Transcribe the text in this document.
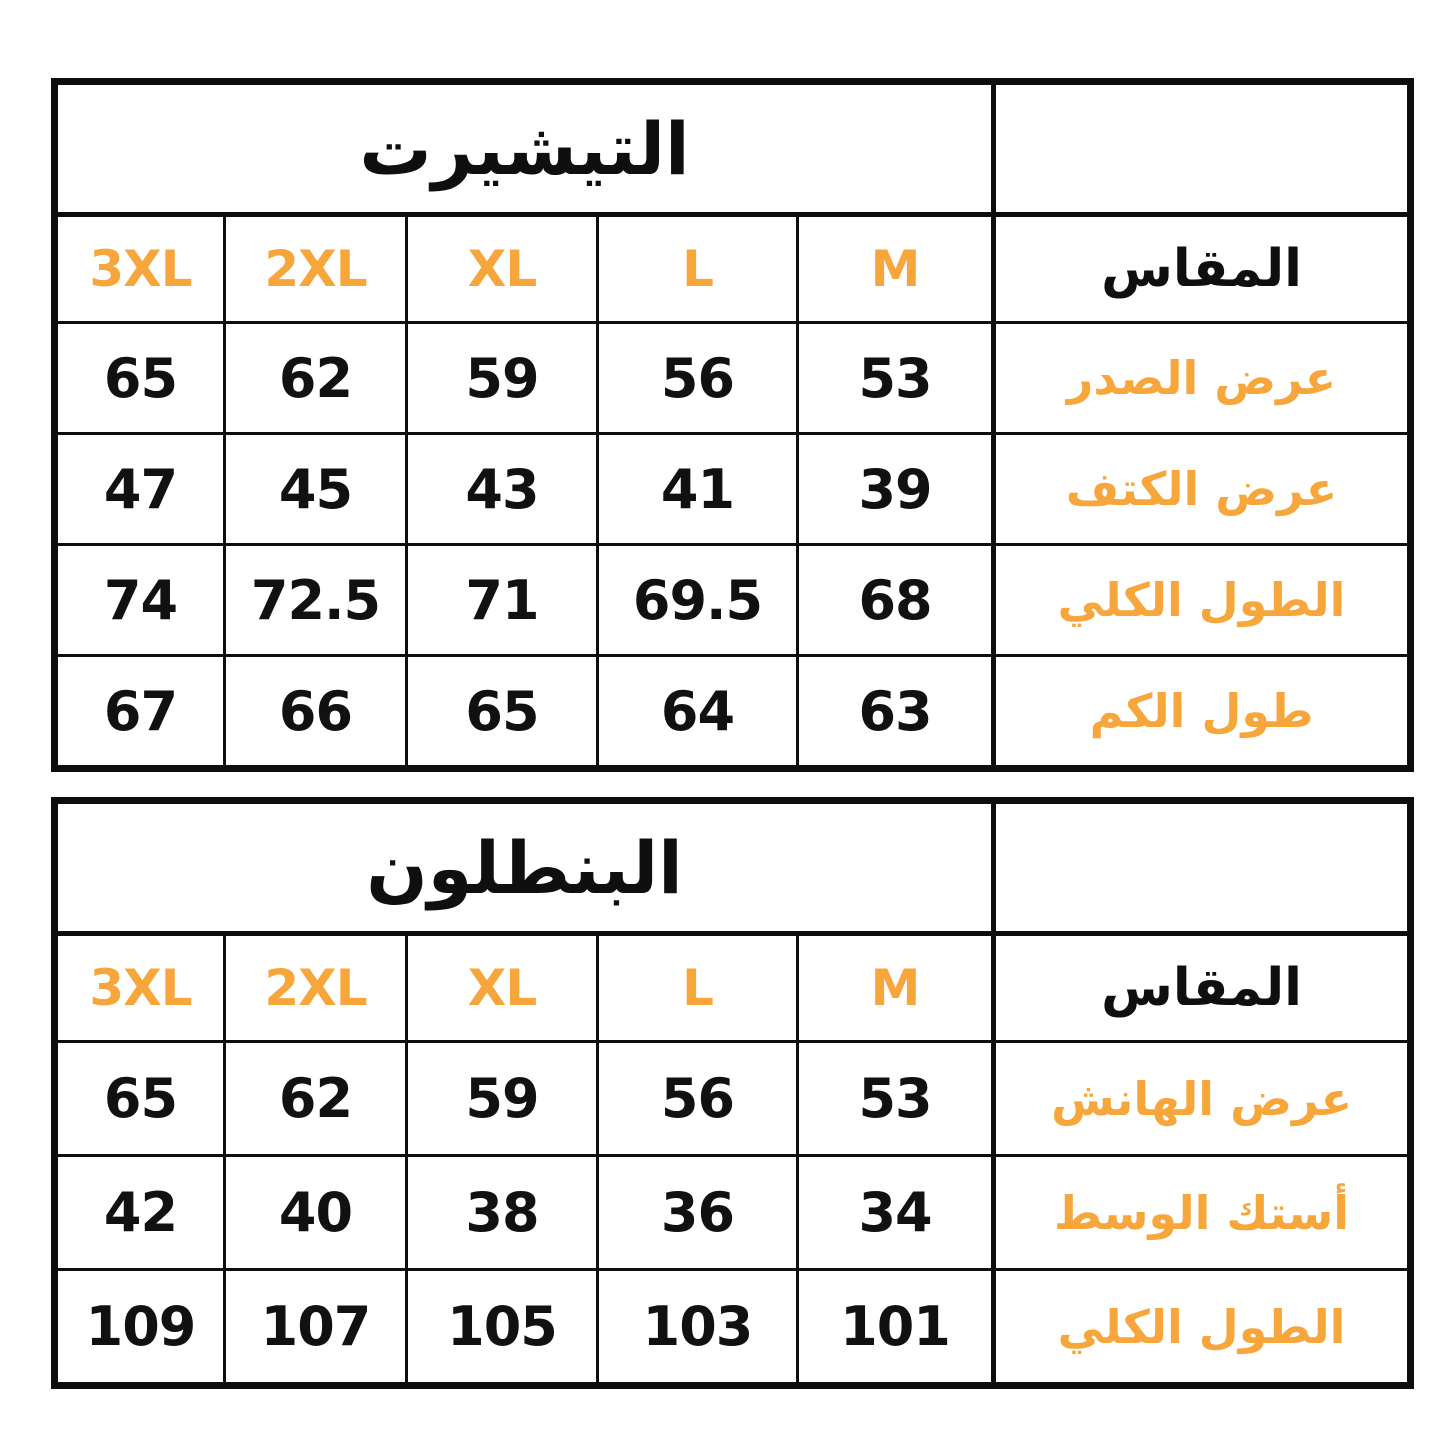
التيشيرت					
3XL	2XL	XL	L	M	المقاس
65	62	59	56	53	عرض الصدر
47	45	43	41	39	عرض الكتف
74	72.5	71	69.5	68	الطول الكلي
67	66	65	64	63	طول الكم
البنطلون					
3XL	2XL	XL	L	M	المقاس
65	62	59	56	53	عرض الهانش
42	40	38	36	34	أستك الوسط
109	107	105	103	101	الطول الكلي
